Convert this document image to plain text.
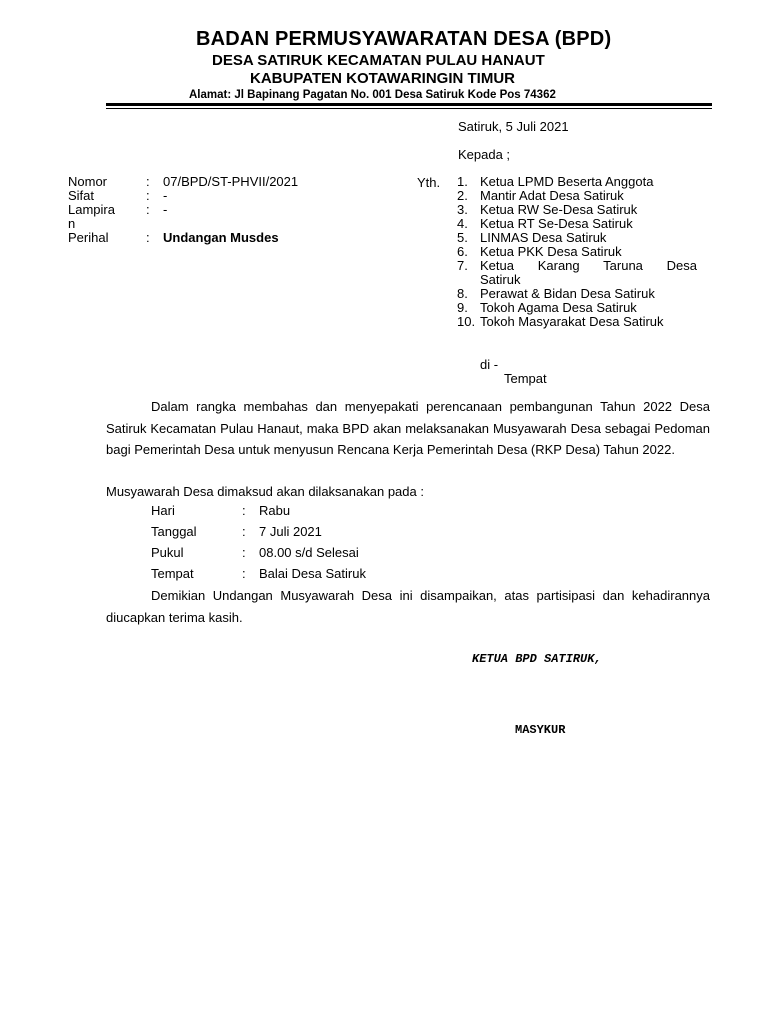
BADAN PERMUSYAWARATAN DESA (BPD)
DESA SATIRUK KECAMATAN PULAU HANAUT
KABUPATEN KOTAWARINGIN TIMUR
Alamat: Jl Bapinang Pagatan No. 001 Desa Satiruk Kode Pos 74362
Satiruk, 5 Juli 2021
Kepada ;
Nomor	: 07/BPD/ST-PHVII/2021
Sifat	: -
Lampira : -
n
Perihal	: Undangan Musdes
Yth. 1. Ketua LPMD Beserta Anggota
2. Mantir Adat Desa Satiruk
3. Ketua RW Se-Desa Satiruk
4. Ketua RT Se-Desa Satiruk
5. LINMAS Desa Satiruk
6. Ketua PKK Desa Satiruk
7. Ketua Karang Taruna Desa
Satiruk
8. Perawat & Bidan Desa Satiruk
9. Tokoh Agama Desa Satiruk
10. Tokoh Masyarakat Desa Satiruk
di -
Tempat
Dalam rangka membahas dan menyepakati perencanaan pembangunan Tahun 2022 Desa Satiruk Kecamatan Pulau Hanaut, maka BPD akan melaksanakan Musyawarah Desa sebagai Pedoman bagi Pemerintah Desa untuk menyusun Rencana Kerja Pemerintah Desa (RKP Desa) Tahun 2022.
Musyawarah Desa dimaksud akan dilaksanakan pada :
Hari	: Rabu
Tanggal	: 7 Juli 2021
Pukul	: 08.00 s/d Selesai
Tempat	: Balai Desa Satiruk
Demikian Undangan Musyawarah Desa ini disampaikan, atas partisipasi dan kehadirannya diucapkan terima kasih.
KETUA BPD SATIRUK,
MASYKUR
